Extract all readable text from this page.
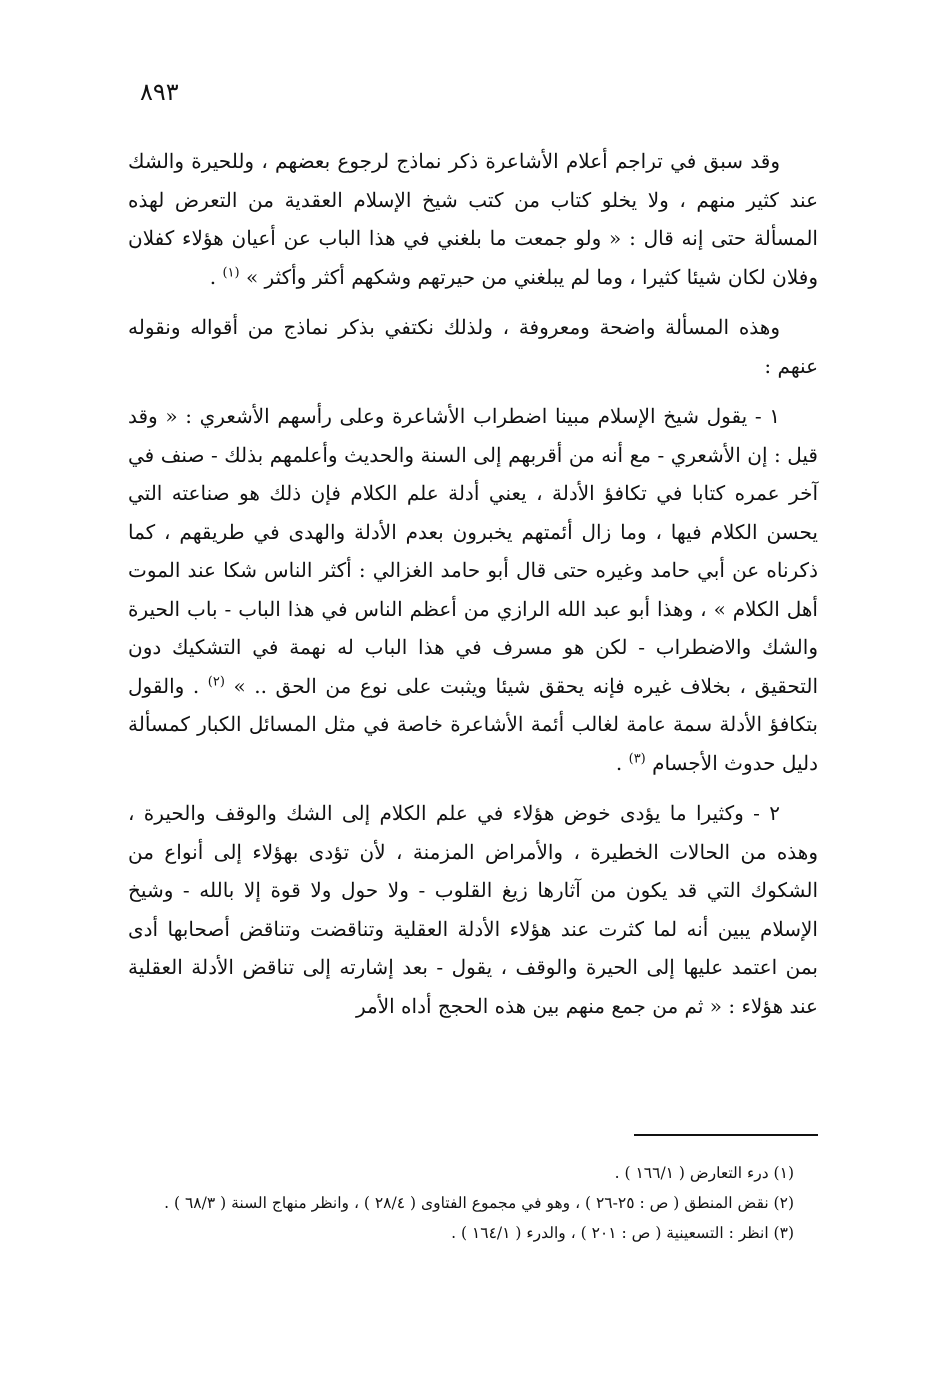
٨٩٣

وقد سبق في تراجم أعلام الأشاعرة ذكر نماذج لرجوع بعضهم ، وللحيرة والشك عند كثير منهم ، ولا يخلو كتاب من كتب شيخ الإسلام العقدية من التعرض لهذه المسألة حتى إنه قال : « ولو جمعت ما بلغني في هذا الباب عن أعيان هؤلاء كفلان وفلان لكان شيئا كثيرا ، وما لم يبلغني من حيرتهم وشكهم أكثر وأكثر » $^{(١)}$ .

وهذه المسألة واضحة ومعروفة ، ولذلك نكتفي بذكر نماذج من أقواله ونقوله عنهم :

١ - يقول شيخ الإسلام مبينا اضطراب الأشاعرة وعلى رأسهم الأشعري : « وقد قيل : إن الأشعري - مع أنه من أقربهم إلى السنة والحديث وأعلمهم بذلك - صنف في آخر عمره كتابا في تكافؤ الأدلة ، يعني أدلة علم الكلام فإن ذلك هو صناعته التي يحسن الكلام فيها ، وما زال أئمتهم يخبرون بعدم الأدلة والهدى في طريقهم ، كما ذكرناه عن أبي حامد وغيره حتى قال أبو حامد الغزالي : أكثر الناس شكا عند الموت أهل الكلام » ، وهذا أبو عبد الله الرازي من أعظم الناس في هذا الباب - باب الحيرة والشك والاضطراب - لكن هو مسرف في هذا الباب له نهمة في التشكيك دون التحقيق ، بخلاف غيره فإنه يحقق شيئا ويثبت على نوع من الحق .. » $^{(٢)}$ . والقول بتكافؤ الأدلة سمة عامة لغالب أئمة الأشاعرة خاصة في مثل المسائل الكبار كمسألة دليل حدوث الأجسام $^{(٣)}$ .

٢ - وكثيرا ما يؤدى خوض هؤلاء في علم الكلام إلى الشك والوقف والحيرة ، وهذه من الحالات الخطيرة ، والأمراض المزمنة ، لأن تؤدى بهؤلاء إلى أنواع من الشكوك التي قد يكون من آثارها زيغ القلوب - ولا حول ولا قوة إلا بالله - وشيخ الإسلام يبين أنه لما كثرت عند هؤلاء الأدلة العقلية وتناقضت وتناقض أصحابها أدى بمن اعتمد عليها إلى الحيرة والوقف ، يقول - بعد إشارته إلى تناقض الأدلة العقلية عند هؤلاء : « ثم من جمع منهم بين هذه الحجج أداه الأمر

(١) درء التعارض ( ١٦٦/١ ) .

(٢) نقض المنطق ( ص : ٢٥-٢٦ ) ، وهو في مجموع الفتاوى ( ٢٨/٤ ) ، وانظر منهاج السنة ( ٦٨/٣ ) .

(٣) انظر : التسعينية ( ص : ٢٠١ ) ، والدرء ( ١٦٤/١ ) .
